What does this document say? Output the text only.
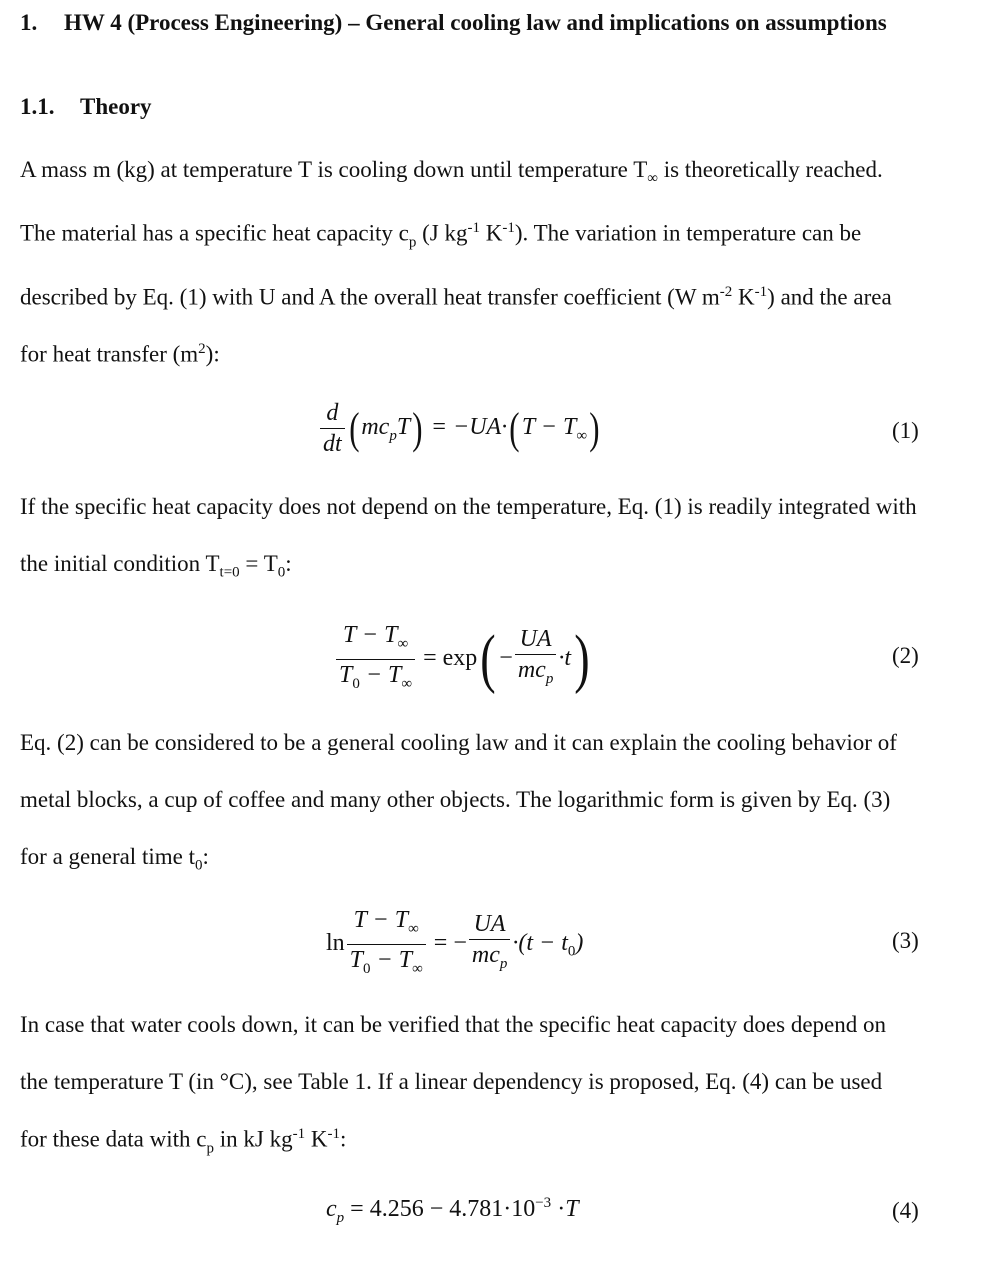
1. HW 4 (Process Engineering) – General cooling law and implications on assumptions
1.1. Theory
A mass m (kg) at temperature T is cooling down until temperature $T_\infty$ is theoretically reached.
The material has a specific heat capacity $c_p$ (J $kg^{-1}$ $K^{-1}$). The variation in temperature can be
described by Eq. (1) with U and A the overall heat transfer coefficient (W $m^{-2}$ $K^{-1}$) and the area
for heat transfer $(m^2)$:
$\frac{d}{dt} (mc_pT) = -UA\cdot(T - T_\infty)$	(1)
If the specific heat capacity does not depend on the temperature, Eq. (1) is readily integrated with
the initial condition $T_{t=0} = T_0$:
$\frac{T - T_\infty}{T_0 - T_\infty} = \exp( - \frac{UA}{mc_p} \cdot t)$	(2)
Eq. (2) can be considered to be a general cooling law and it can explain the cooling behavior of
metal blocks, a cup of coffee and many other objects. The logarithmic form is given by Eq. (3)
for a general time $t_0$:
$\ln \frac{T - T_\infty}{T_0 - T_\infty}$ = − $\frac{UA}{mc_p} \cdot(t - t_0)$	(3)
In case that water cools down, it can be verified that the specific heat capacity does depend on
the temperature T (in °C), see Table 1. If a linear dependency is proposed, Eq. (4) can be used
for these data with $c_p$ in kJ $kg^{-1}$ $K^{-1}$:
$c_p = 4.256 - 4.781\cdot 10^{-3} \cdot T$	(4)
